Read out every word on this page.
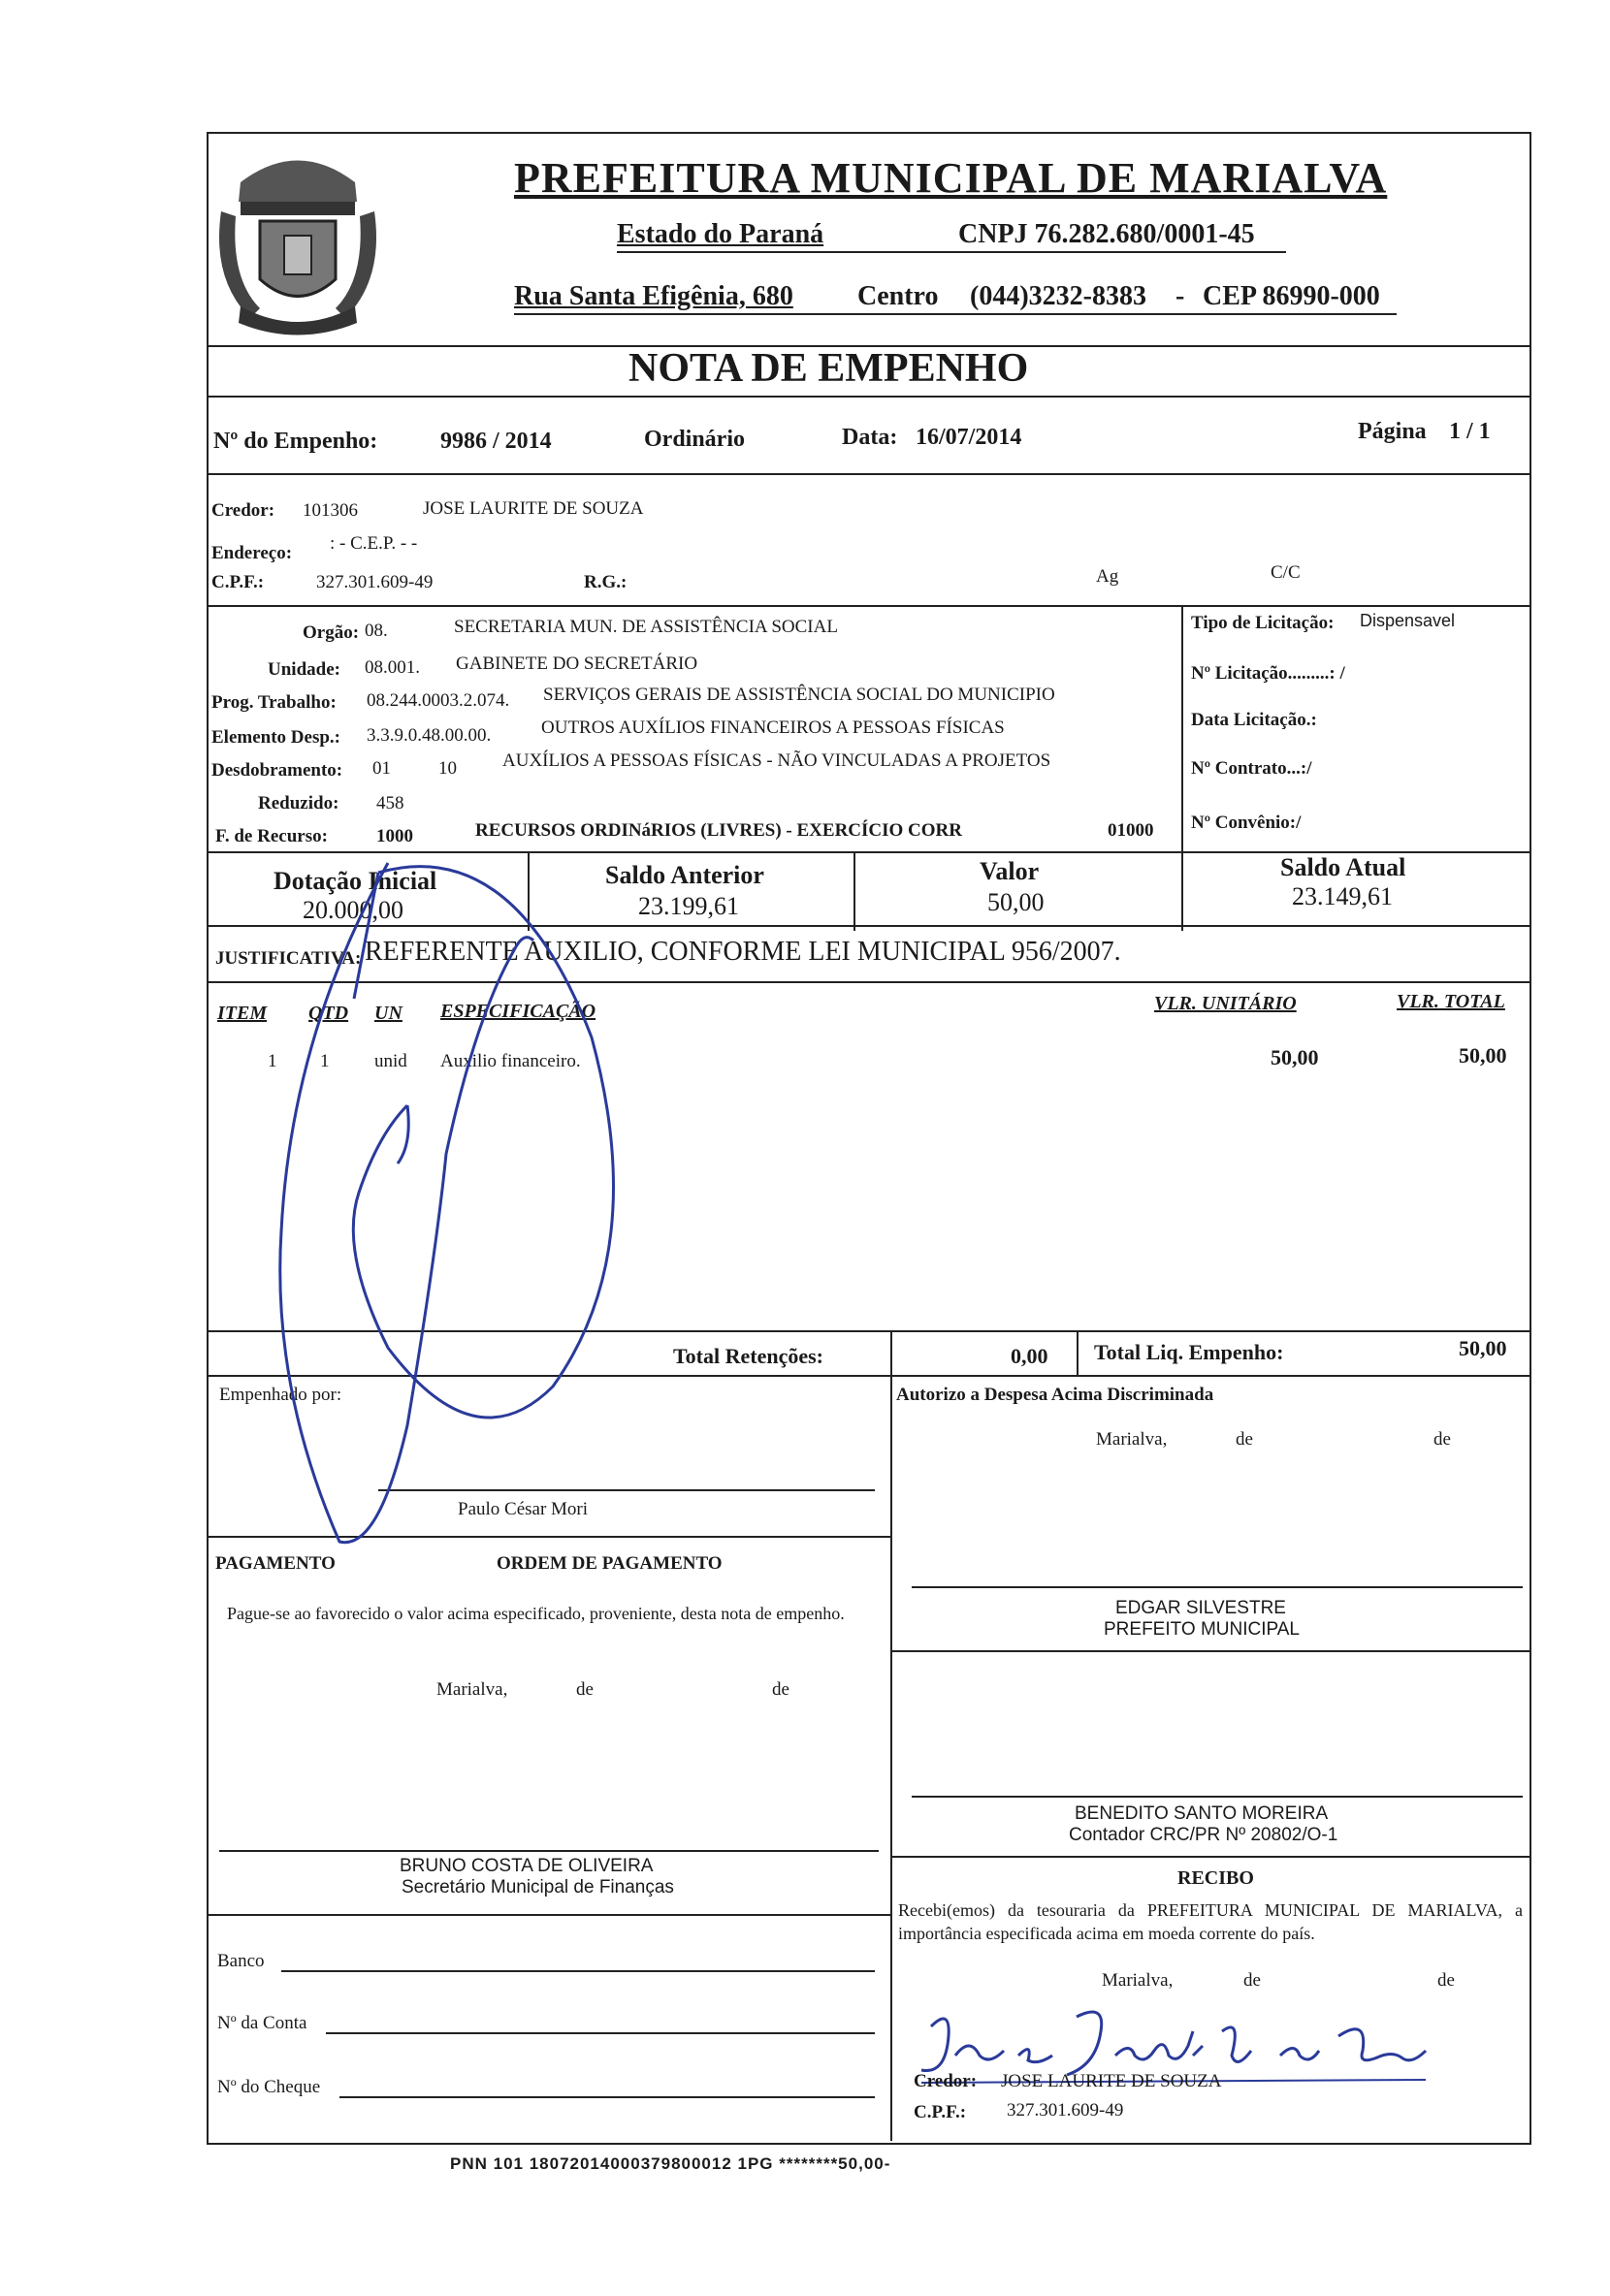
PREFEITURA MUNICIPAL DE MARIALVA
Estado do Paraná	CNPJ 76.282.680/0001-45
Rua Santa Efigênia, 680 Centro (044)3232-8383 - CEP 86990-000
NOTA DE EMPENHO
Nº do Empenho:	9986 / 2014	Ordinário	Data: 16/07/2014	Página 1 / 1
Credor: 101306	JOSE LAURITE DE SOUZA
Endereço: : - C.E.P. - -
C.P.F.:	327.301.609-49	R.G.:	Ag	C/C
Orgão: 08.	SECRETARIA MUN. DE ASSISTÊNCIA SOCIAL
Unidade: 08.001. GABINETE DO SECRETÁRIO
Prog. Trabalho: 08.244.0003.2.074. SERVIÇOS GERAIS DE ASSISTÊNCIA SOCIAL DO MUNICIPIO
Elemento Desp.: 3.3.9.0.48.00.00.	OUTROS AUXÍLIOS FINANCEIROS A PESSOAS FÍSICAS
Desdobramento: 01	10 AUXÍLIOS A PESSOAS FÍSICAS - NÃO VINCULADAS A PROJETOS
Reduzido: 458
F. de Recurso:	1000	RECURSOS ORDINáRIOS (LIVRES) - EXERCÍCIO CORR	01000
Tipo de Licitação: Dispensavel
Nº Licitação.........: /
Data Licitação.:
Nº Contrato...:/
Nº Convênio:/
Dotação Inicial
20.000,00
Saldo Anterior
23.199,61
Valor
50,00
Saldo Atual
23.149,61
JUSTIFICATIVA: REFERENTE AUXILIO, CONFORME LEI MUNICIPAL 956/2007.
ITEM QTD UN ESPECIFICAÇÃO	VLR. UNITÁRIO	VLR. TOTAL
1 1 unid Auxilio financeiro.	50,00	50,00
Total Retenções:	0,00 Total Liq. Empenho:	50,00
Empenhado por:
Paulo César Mori
Autorizo a Despesa Acima Discriminada
Marialva,	de	de
EDGAR SILVESTRE
PREFEITO MUNICIPAL
PAGAMENTO	ORDEM DE PAGAMENTO
Pague-se ao favorecido o valor acima especificado, proveniente, desta nota de empenho.
Marialva,	de	de
BRUNO COSTA DE OLIVEIRA
Secretário Municipal de Finanças
BENEDITO SANTO MOREIRA
Contador CRC/PR Nº 20802/O-1
RECIBO
Recebi(emos) da tesouraria da PREFEITURA MUNICIPAL DE MARIALVA, a importância especificada acima em moeda corrente do país.
Marialva,	de	de
Credor: JOSE LAURITE DE SOUZA
C.P.F.: 327.301.609-49
Banco
Nº da Conta
Nº do Cheque
PNN 101 18072014000379800012 1PG ********50,00-
